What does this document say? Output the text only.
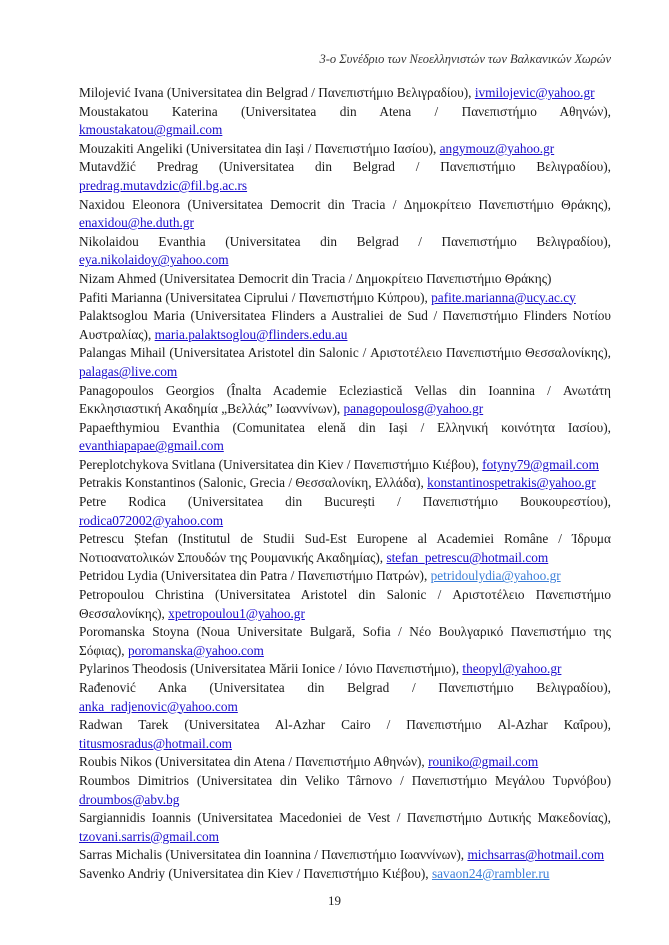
3-ο Συνέδριο των Νεοελληνιστών των Βαλκανικών Χωρών

Milojević Ivana (Universitatea din Belgrad / Πανεπιστήμιο Βελιγραδίου), ivmilojevic@yahoo.gr

Moustakatou Katerina (Universitatea din Atena / Πανεπιστήμιο Αθηνών), kmoustakatou@gmail.com

Mouzakiti Angeliki (Universitatea din Iași / Πανεπιστήμιο Ιασίου), angymouz@yahoo.gr

Mutavdžić Predrag (Universitatea din Belgrad / Πανεπιστήμιο Βελιγραδίου), predrag.mutavdzic@fil.bg.ac.rs

Naxidou Eleonora (Universitatea Democrit din Tracia / Δημοκρίτειο Πανεπιστήμιο Θράκης), enaxidou@he.duth.gr

Nikolaidou Evanthia (Universitatea din Belgrad / Πανεπιστήμιο Βελιγραδίου), eya.nikolaidoy@yahoo.com

Nizam Ahmed (Universitatea Democrit din Tracia / Δημοκρίτειο Πανεπιστήμιο Θράκης)

Pafiti Marianna (Universitatea Ciprului / Πανεπιστήμιο Κύπρου), pafite.marianna@ucy.ac.cy

Palaktsoglou Maria (Universitatea Flinders a Australiei de Sud / Πανεπιστήμιο Flinders Νοτίου Αυστραλίας), maria.palaktsoglou@flinders.edu.au

Palangas Mihail (Universitatea Aristotel din Salonic / Αριστοτέλειο Πανεπιστήμιο Θεσσαλονίκης), palagas@live.com

Panagopoulos Georgios (Înalta Academie Ecleziastică Vellas din Ioannina / Ανωτάτη Εκκλησιαστική Ακαδημία „Βελλάς” Ιωαννίνων), panagopoulosg@yahoo.gr

Papaefthymiou Evanthia (Comunitatea elenă din Iași / Ελληνική κοινότητα Ιασίου), evanthiapapae@gmail.com

Pereplotchykova Svitlana (Universitatea din Kiev / Πανεπιστήμιο Κιέβου), fotyny79@gmail.com

Petrakis Konstantinos (Salonic, Grecia / Θεσσαλονίκη, Ελλάδα), konstantinospetrakis@yahoo.gr

Petre Rodica (Universitatea din București / Πανεπιστήμιο Βουκουρεστίου), rodica072002@yahoo.com

Petrescu Ștefan (Institutul de Studii Sud-Est Europene al Academiei Române / Ίδρυμα Νοτιοανατολικών Σπουδών της Ρουμανικής Ακαδημίας), stefan_petrescu@hotmail.com

Petridou Lydia (Universitatea din Patra / Πανεπιστήμιο Πατρών), petridoulydia@yahoo.gr

Petropoulou Christina (Universitatea Aristotel din Salonic / Αριστοτέλειο Πανεπιστήμιο Θεσσαλονίκης), xpetropoulou1@yahoo.gr

Poromanska Stoyna (Noua Universitate Bulgară, Sofia / Νέο Βουλγαρικό Πανεπιστήμιο της Σόφιας), poromanska@yahoo.com

Pylarinos Theodosis (Universitatea Mării Ionice / Ιόνιο Πανεπιστήμιο), theopyl@yahoo.gr

Rađenović Anka (Universitatea din Belgrad / Πανεπιστήμιο Βελιγραδίου), anka_radjenovic@yahoo.com

Radwan Tarek (Universitatea Al-Azhar Cairo / Πανεπιστήμιο Al-Azhar Καΐρου), titusmosradus@hotmail.com

Roubis Nikos (Universitatea din Atena / Πανεπιστήμιο Αθηνών), rouniko@gmail.com

Roumbos Dimitrios (Universitatea din Veliko Târnovo / Πανεπιστήμιο Μεγάλου Τυρνόβου) droumbos@abv.bg

Sargiannidis Ioannis (Universitatea Macedoniei de Vest / Πανεπιστήμιο Δυτικής Μακεδονίας), tzovani.sarris@gmail.com

Sarras Michalis (Universitatea din Ioannina / Πανεπιστήμιο Ιωαννίνων), michsarras@hotmail.com

Savenko Andriy (Universitatea din Kiev / Πανεπιστήμιο Κιέβου), savaon24@rambler.ru

19
